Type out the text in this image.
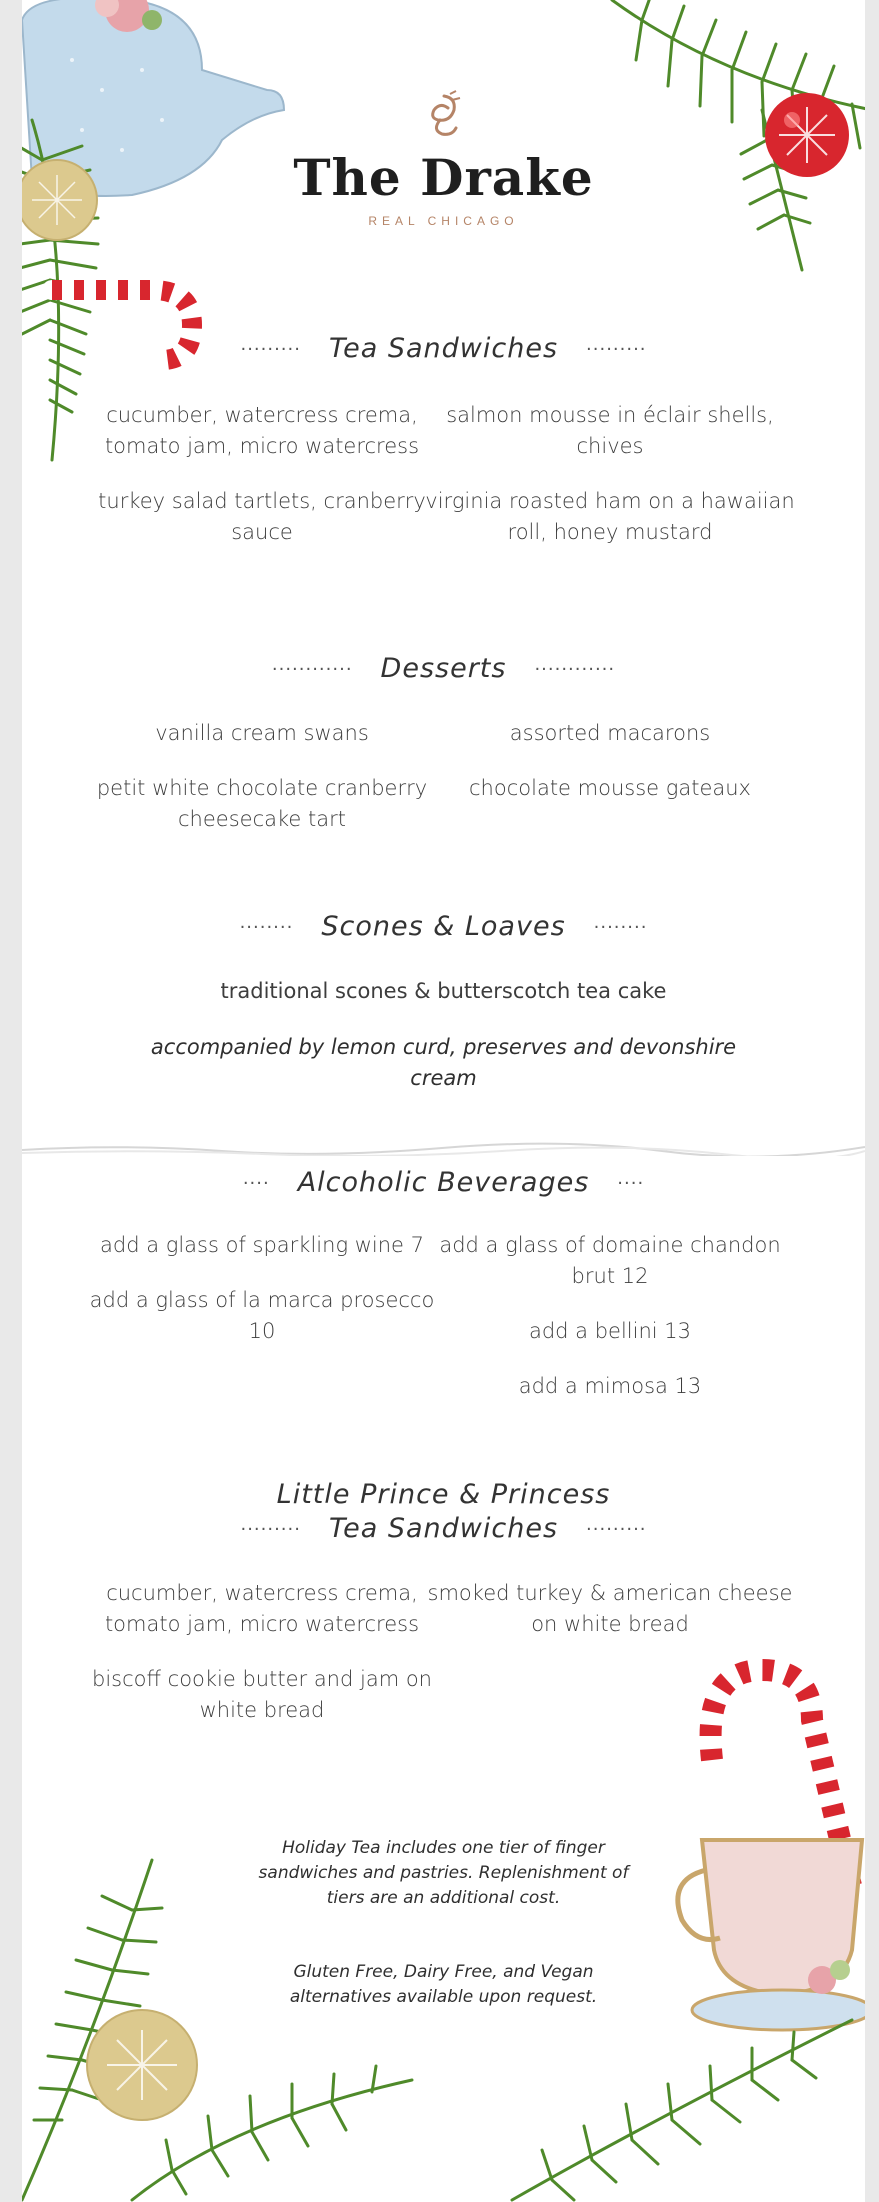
The Drake
REAL CHICAGO
········· Tea Sandwiches ·········
cucumber, watercress crema, tomato jam, micro watercress
turkey salad tartlets, cranberry sauce
salmon mousse in éclair shells, chives
virginia roasted ham on a hawaiian roll, honey mustard
············ Desserts ············
vanilla cream swans
petit white chocolate cranberry cheesecake tart
assorted macarons
chocolate mousse gateaux
········ Scones & Loaves ········
traditional scones & butterscotch tea cake
accompanied by lemon curd, preserves and devonshire cream
···· Alcoholic Beverages ····
add a glass of sparkling wine 7
add a glass of la marca prosecco 10
add a glass of domaine chandon brut 12
add a bellini 13
add a mimosa 13
Little Prince & Princess
········· Tea Sandwiches ·········
cucumber, watercress crema, tomato jam, micro watercress
biscoff cookie butter and jam on white bread
smoked turkey & american cheese on white bread
Holiday Tea includes one tier of finger sandwiches and pastries. Replenishment of tiers are an additional cost.
Gluten Free, Dairy Free, and Vegan alternatives available upon request.
